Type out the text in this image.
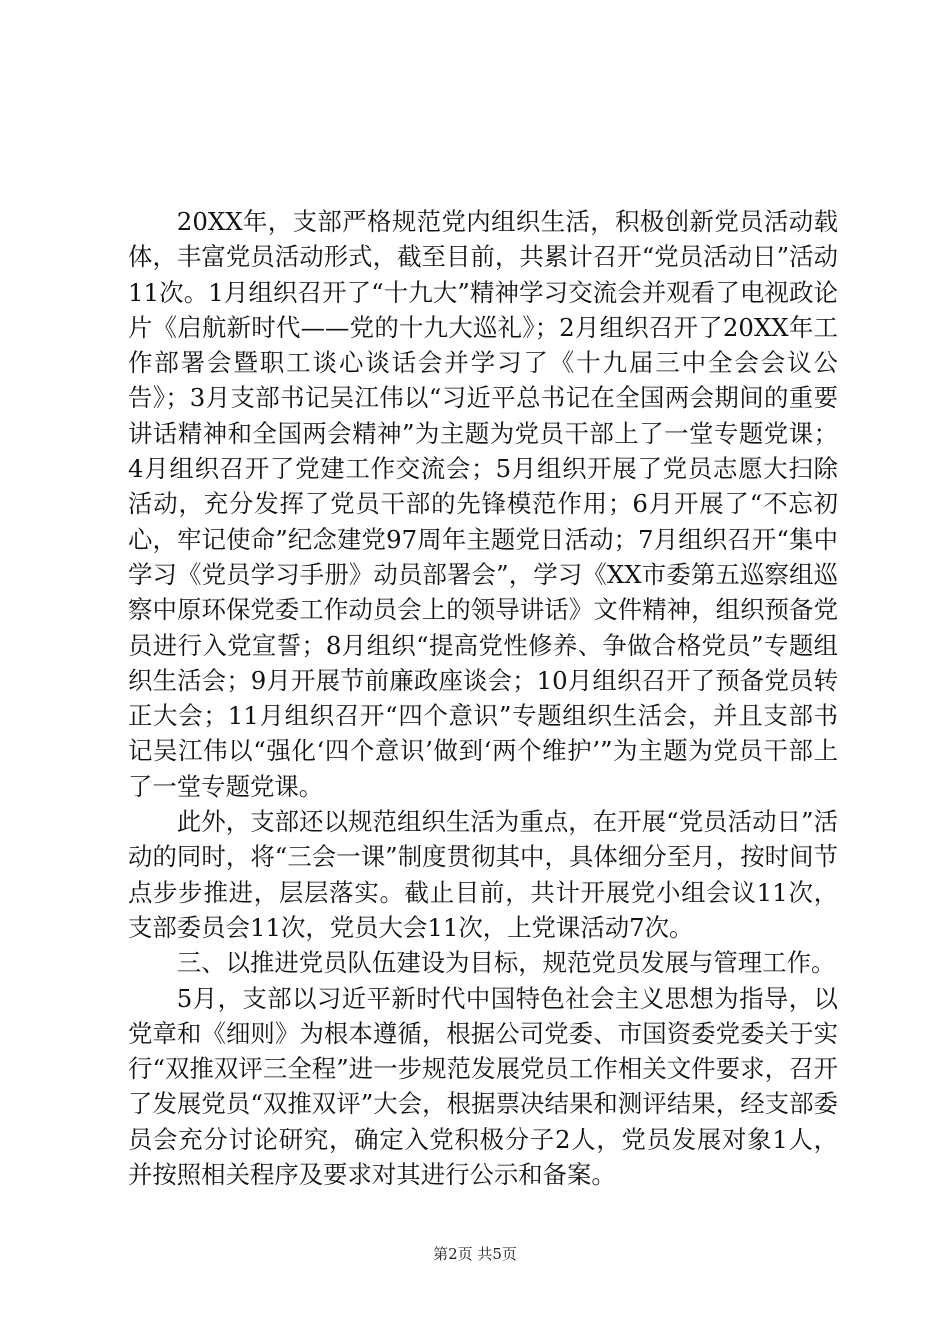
20XX年，支部严格规范党内组织生活，积极创新党员活动载体，丰富党员活动形式，截至目前，共累计召开“党员活动日”活动11次。1月组织召开了“十九大”精神学习交流会并观看了电视政论片《启航新时代——党的十九大巡礼》；2月组织召开了20XX年工作部署会暨职工谈心谈话会并学习了《十九届三中全会会议公告》；3月支部书记吴江伟以“习近平总书记在全国两会期间的重要讲话精神和全国两会精神”为主题为党员干部上了一堂专题党课；4月组织召开了党建工作交流会；5月组织开展了党员志愿大扫除活动，充分发挥了党员干部的先锋模范作用；6月开展了“不忘初心，牢记使命”纪念建党97周年主题党日活动；7月组织召开“集中学习《党员学习手册》动员部署会”，学习《XX市委第五巡察组巡察中原环保党委工作动员会上的领导讲话》文件精神，组织预备党员进行入党宣誓；8月组织“提高党性修养、争做合格党员”专题组织生活会；9月开展节前廉政座谈会；10月组织召开了预备党员转正大会；11月组织召开“四个意识”专题组织生活会，并且支部书记吴江伟以“强化‘四个意识’做到‘两个维护’”为主题为党员干部上了一堂专题党课。

此外，支部还以规范组织生活为重点，在开展“党员活动日”活动的同时，将“三会一课”制度贯彻其中，具体细分至月，按时间节点步步推进，层层落实。截止目前，共计开展党小组会议11次，支部委员会11次，党员大会11次，上党课活动7次。

三、以推进党员队伍建设为目标，规范党员发展与管理工作。

5月，支部以习近平新时代中国特色社会主义思想为指导，以党章和《细则》为根本遵循，根据公司党委、市国资委党委关于实行“双推双评三全程”进一步规范发展党员工作相关文件要求，召开了发展党员“双推双评”大会，根据票决结果和测评结果，经支部委员会充分讨论研究，确定入党积极分子2人，党员发展对象1人，并按照相关程序及要求对其进行公示和备案。

第2页 共5页
